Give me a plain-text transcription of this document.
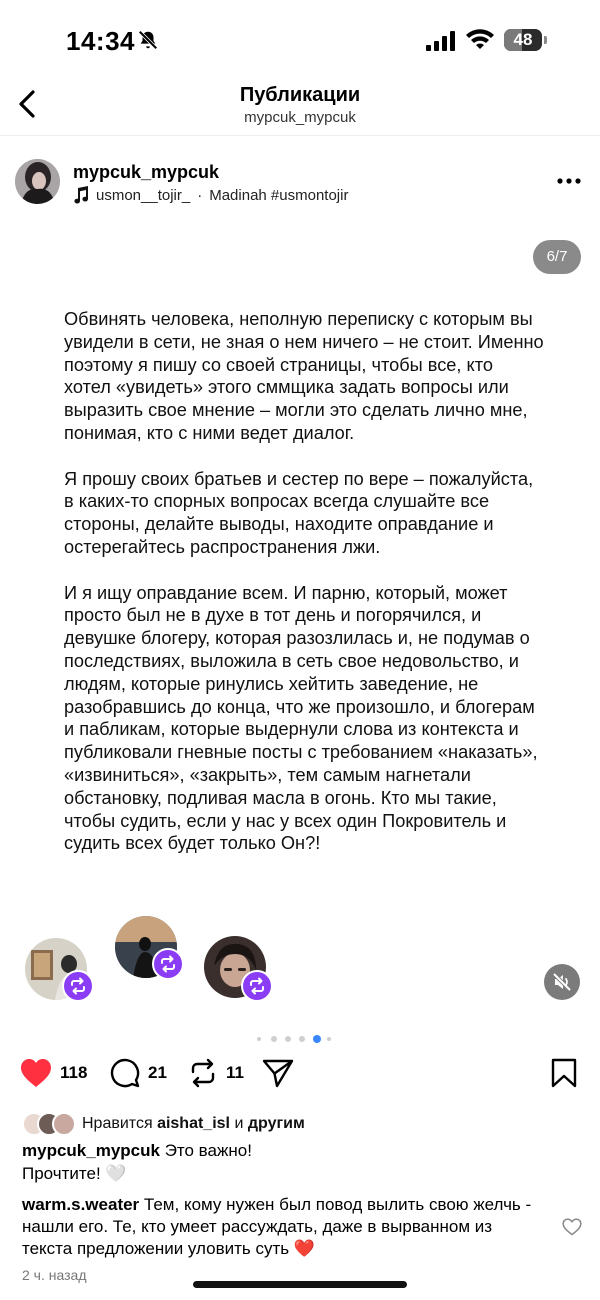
14:34	48
Публикации
mypcuk_mypcuk
mypcuk_mypcuk
usmon__tojir_ · Madinah #usmontojir
6/7

Обвинять человека, неполную переписку с которым вы увидели в сети, не зная о нем ничего – не стоит. Именно поэтому я пишу со своей страницы, чтобы все, кто хотел «увидеть» этого сммщика задать вопросы или выразить свое мнение – могли это сделать лично мне, понимая, кто с ними ведет диалог.

Я прошу своих братьев и сестер по вере – пожалуйста, в каких-то спорных вопросах всегда слушайте все стороны, делайте выводы, находите оправдание и остерегайтесь распространения лжи.

И я ищу оправдание всем. И парню, который, может просто был не в духе в тот день и погорячился, и девушке блогеру, которая разозлилась и, не подумав о последствиях, выложила в сеть свое недовольство, и людям, которые ринулись хейтить заведение, не разобравшись до конца, что же произошло, и блогерам и пабликам, которые выдернули слова из контекста и публиковали гневные посты с требованием «наказать», «извиниться», «закрыть», тем самым нагнетали обстановку, подливая масла в огонь. Кто мы такие, чтобы судить, если у нас у всех один Покровитель и судить всех будет только Он?!

118	21	11
Нравится
aishat_isl
и
другим
mypcuk_mypcuk Это важно!
Прочтите! 🤍
warm.s.weater Тем, кому нужен был повод вылить свою желчь - нашли его. Те, кто умеет рассуждать, даже в вырванном из текста предложении уловить суть ❤️
2 ч. назад
